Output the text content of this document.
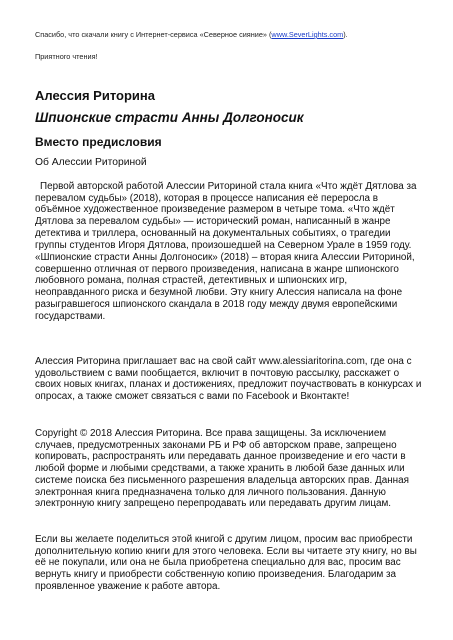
Спасибо, что скачали книгу с Интернет-сервиса «Северное сияние» (www.SeverLights.com).
Приятного чтения!
Алессия Риторина
Шпионские страсти Анны Долгоносик
Вместо предисловия
Об Алессии Риториной
Первой авторской работой Алессии Риториной стала книга «Что ждёт Дятлова за перевалом судьбы» (2018), которая в процессе написания её переросла в объёмное художественное произведение размером в четыре тома. «Что ждёт Дятлова за перевалом судьбы» — исторический роман, написанный в жанре детектива и триллера, основанный на документальных событиях, о трагедии группы студентов Игоря Дятлова, произошедшей на Северном Урале в 1959 году.
«Шпионские страсти Анны Долгоносик» (2018) – вторая книга Алессии Риториной, совершенно отличная от первого произведения, написана в жанре шпионского любовного романа, полная страстей, детективных и шпионских игр, неоправданного риска и безумной любви. Эту книгу Алессия написала на фоне разыгравшегося шпионского скандала в 2018 году между двумя европейскими государствами.
Алессия Риторина приглашает вас на свой сайт www.alessiaritorina.com, где она с удовольствием с вами пообщается, включит в почтовую рассылку, расскажет о своих новых книгах, планах и достижениях, предложит поучаствовать в конкурсах и опросах, а также сможет связаться с вами по Facebook и Вконтакте!
Copyright © 2018 Алессия Риторина. Все права защищены. За исключением случаев, предусмотренных законами РБ и РФ об авторском праве, запрещено копировать, распространять или передавать данное произведение и его части в любой форме и любыми средствами, а также хранить в любой базе данных или системе поиска без письменного разрешения владельца авторских прав. Данная электронная книга предназначена только для личного пользования. Данную электронную книгу запрещено перепродавать или передавать другим лицам.
Если вы желаете поделиться этой книгой с другим лицом, просим вас приобрести дополнительную копию книги для этого человека. Если вы читаете эту книгу, но вы её не покупали, или она не была приобретена специально для вас, просим вас вернуть книгу и приобрести собственную копию произведения. Благодарим за проявленное уважение к работе автора.
